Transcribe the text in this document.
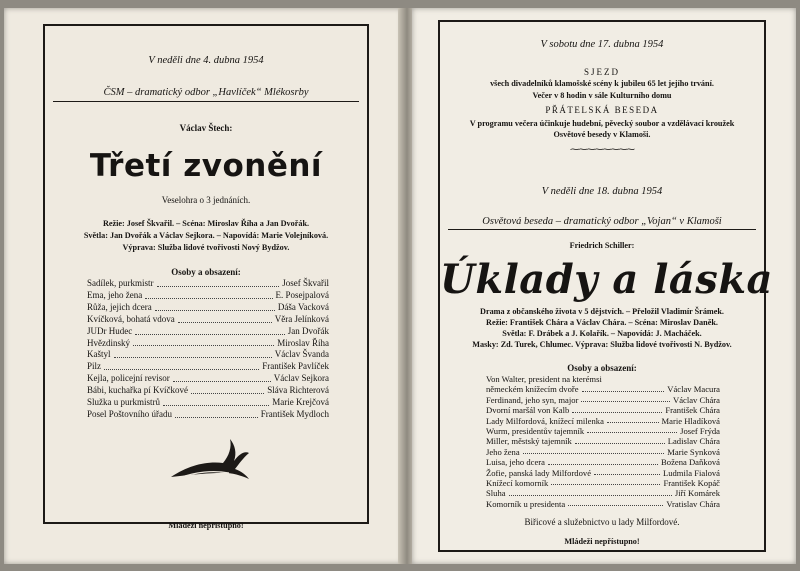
V neděli dne 4. dubna 1954
ČSM – dramatický odbor „Havlíček“ Mlékosrby
Václav Štech:
Třetí zvonění
Veselohra o 3 jednáních.
Režie: Josef Škvařil. – Scéna: Miroslav Říha a Jan Dvořák.
Světla: Jan Dvořák a Václav Sejkora. – Napovídá: Marie Volejníková.
Výprava: Služba lidové tvořivosti Nový Bydžov.
Osoby a obsazení:
Sadílek, purkmistr	Josef Škvařil
Ema, jeho žena	E. Posejpalová
Růža, jejich dcera	Dáša Vacková
Kvíčková, bohatá vdova	Věra Jelínková
JUDr Hudec	Jan Dvořák
Hvězdinský	Miroslav Říha
Kaštyl	Václav Švanda
Pilz	František Pavlíček
Kejla, policejní revisor	Václav Sejkora
Bábi, kuchařka pí Kvíčkové	Sláva Richterová
Služka u purkmistrů	Marie Krejčová
Posel Poštovního úřadu	František Mydloch
Mládeži nepřístupno!
V sobotu dne 17. dubna 1954
SJEZD
všech divadelníků klamošské scény k jubileu 65 let jejího trvání.
Večer v 8 hodin v sále Kulturního domu
PŘÁTELSKÁ BESEDA
V programu večera účinkuje hudební, pěvecký soubor a vzdělávací kroužek
Osvětové besedy v Klamoši.
⁓⁓⁓⁓⁓⁓⁓⁓
V neděli dne 18. dubna 1954
Osvětová beseda – dramatický odbor „Vojan“ v Klamoši
Friedrich Schiller:
Úklady a láska
Drama z občanského života v 5 dějstvích. – Přeložil Vladimír Šrámek.
Režie: František Chára a Václav Chára. – Scéna: Miroslav Daněk.
Světla: F. Drábek a J. Kolařík. – Napovídá: J. Macháček.
Masky: Zd. Turek, Chlumec. Výprava: Služba lidové tvořivosti N. Bydžov.
Osoby a obsazení:
Von Walter, president na kterémsi
německém knížecím dvoře	Václav Macura
Ferdinand, jeho syn, major	Václav Chára
Dvorní maršál von Kalb	František Chára
Lady Milfordová, knížecí milenka	Marie Hladíková
Wurm, presidentův tajemník	Josef Frýda
Miller, městský tajemník	Ladislav Chára
Jeho žena	Marie Synková
Luisa, jeho dcera	Božena Daňková
Žofie, panská lady Milfordové	Ludmila Fialová
Knížecí komorník	František Kopáč
Sluha	Jiří Komárek
Komorník u presidenta	Vratislav Chára
Biřicové a služebnictvo u lady Milfordové.
Mládeži nepřístupno!
